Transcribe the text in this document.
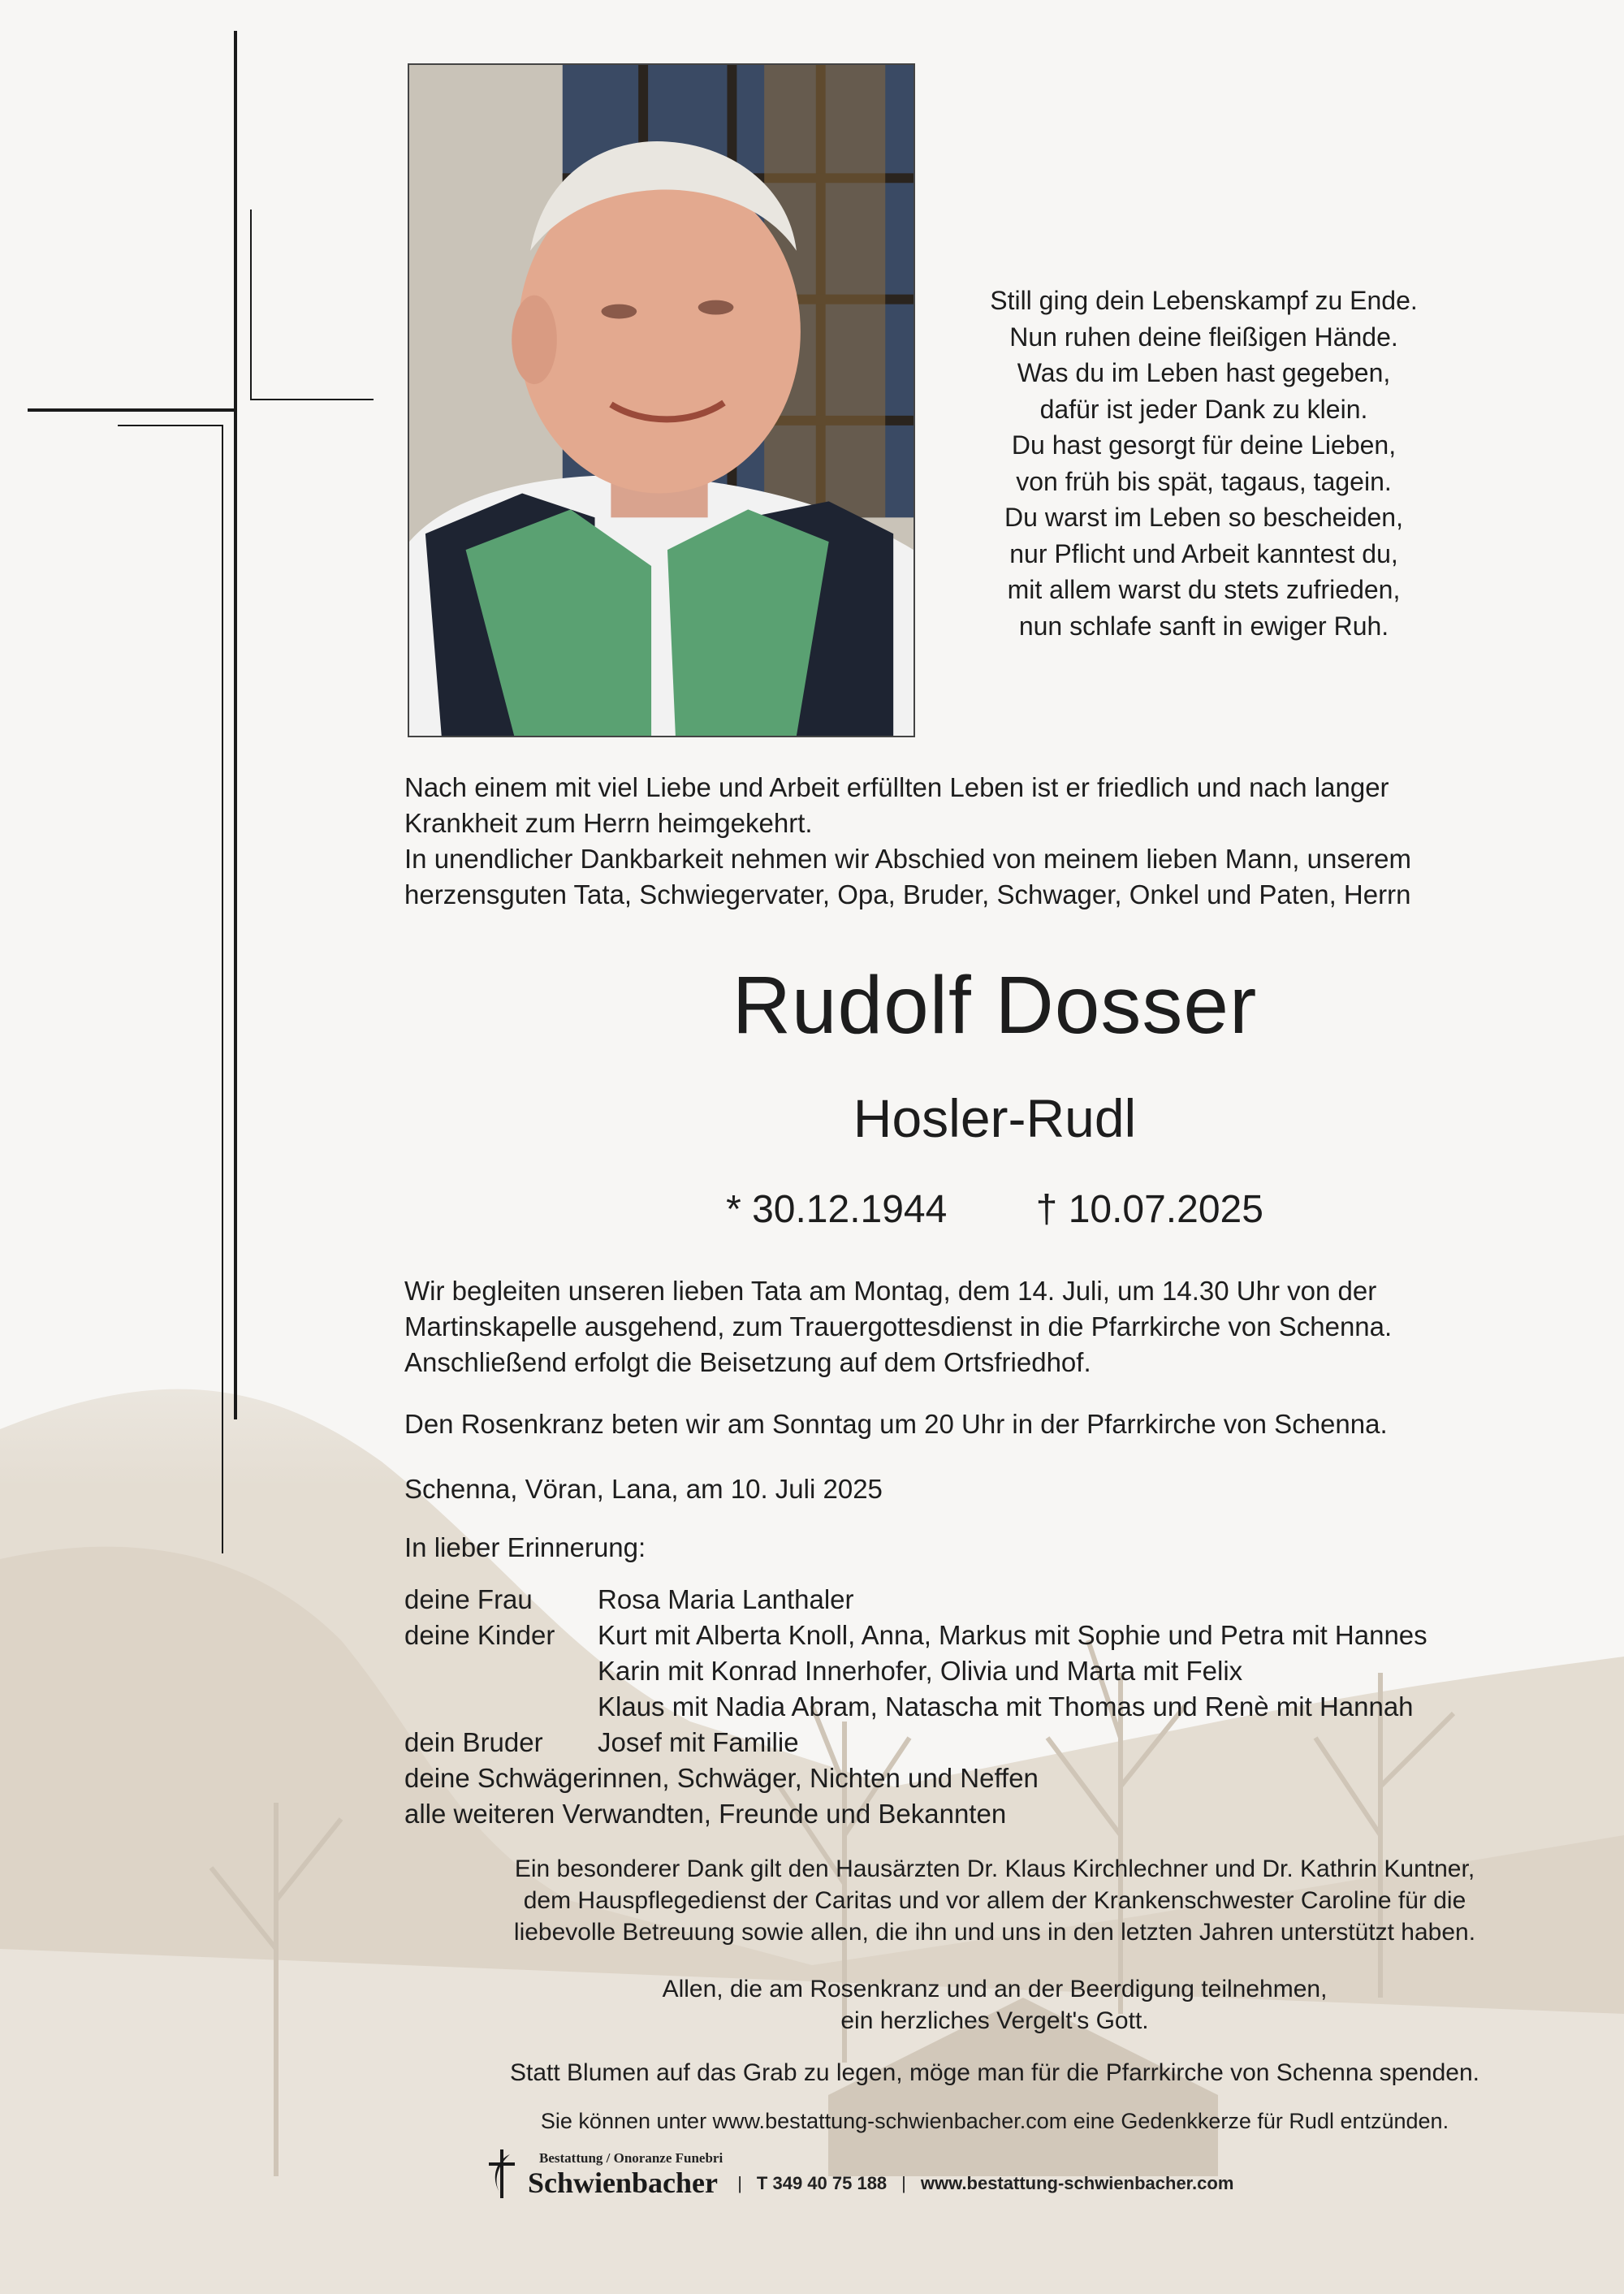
Still ging dein Lebenskampf zu Ende.
Nun ruhen deine fleißigen Hände.
Was du im Leben hast gegeben,
dafür ist jeder Dank zu klein.
Du hast gesorgt für deine Lieben,
von früh bis spät, tagaus, tagein.
Du warst im Leben so bescheiden,
nur Pflicht und Arbeit kanntest du,
mit allem warst du stets zufrieden,
nun schlafe sanft in ewiger Ruh.
Nach einem mit viel Liebe und Arbeit erfüllten Leben ist er friedlich und nach langer
Krankheit zum Herrn heimgekehrt.
In unendlicher Dankbarkeit nehmen wir Abschied von meinem lieben Mann, unserem
herzensguten Tata, Schwiegervater, Opa, Bruder, Schwager, Onkel und Paten, Herrn
Rudolf Dosser
Hosler-Rudl
* 30.12.1944 † 10.07.2025
Wir begleiten unseren lieben Tata am Montag, dem 14. Juli, um 14.30 Uhr von der
Martinskapelle ausgehend, zum Trauergottesdienst in die Pfarrkirche von Schenna.
Anschließend erfolgt die Beisetzung auf dem Ortsfriedhof.
Den Rosenkranz beten wir am Sonntag um 20 Uhr in der Pfarrkirche von Schenna.
Schenna, Vöran, Lana, am 10. Juli 2025
In lieber Erinnerung:
deine Frau	Rosa Maria Lanthaler
deine Kinder	Kurt mit Alberta Knoll, Anna, Markus mit Sophie und Petra mit Hannes
Karin mit Konrad Innerhofer, Olivia und Marta mit Felix
Klaus mit Nadia Abram, Natascha mit Thomas und Renè mit Hannah
dein Bruder	Josef mit Familie
deine Schwägerinnen, Schwäger, Nichten und Neffen
alle weiteren Verwandten, Freunde und Bekannten
Ein besonderer Dank gilt den Hausärzten Dr. Klaus Kirchlechner und Dr. Kathrin Kuntner,
dem Hauspflegedienst der Caritas und vor allem der Krankenschwester Caroline für die
liebevolle Betreuung sowie allen, die ihn und uns in den letzten Jahren unterstützt haben.
Allen, die am Rosenkranz und an der Beerdigung teilnehmen,
ein herzliches Vergelt's Gott.
Statt Blumen auf das Grab zu legen, möge man für die Pfarrkirche von Schenna spenden.
Sie können unter www.bestattung-schwienbacher.com eine Gedenkkerze für Rudl entzünden.
Bestattung / Onoranze Funebri
Schwienbacher | T 349 40 75 188 | www.bestattung-schwienbacher.com
